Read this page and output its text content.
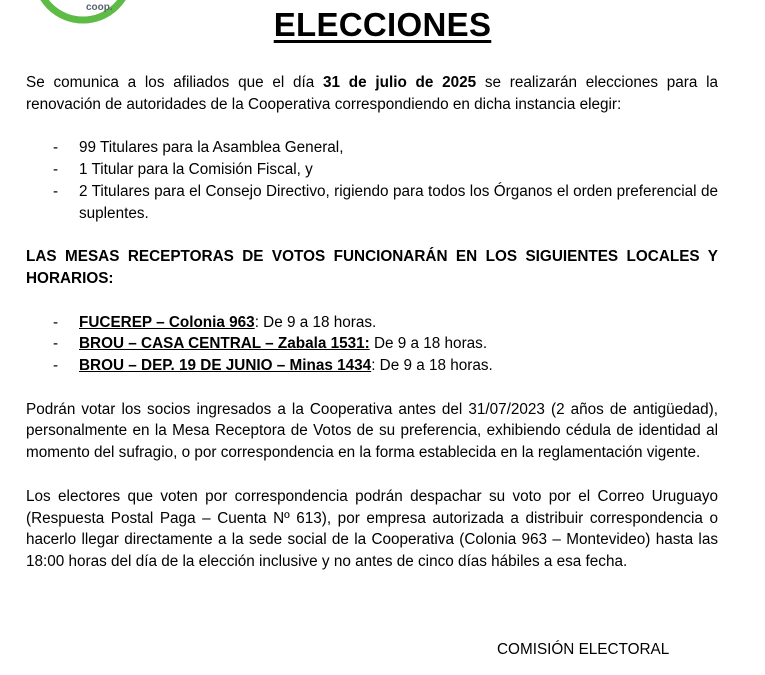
coop.	ELECCIONES

Se comunica a los afiliados que el día 31 de julio de 2025 se realizarán elecciones para la renovación de autoridades de la Cooperativa correspondiendo en dicha instancia elegir:

- 99 Titulares para la Asamblea General,
- 1 Titular para la Comisión Fiscal, y
- 2 Titulares para el Consejo Directivo, rigiendo para todos los Órganos el orden preferencial de suplentes.

LAS MESAS RECEPTORAS DE VOTOS FUNCIONARÁN EN LOS SIGUIENTES LOCALES Y HORARIOS:

- FUCEREP – Colonia 963: De 9 a 18 horas.
- BROU – CASA CENTRAL – Zabala 1531: De 9 a 18 horas.
- BROU – DEP. 19 DE JUNIO – Minas 1434: De 9 a 18 horas.

Podrán votar los socios ingresados a la Cooperativa antes del 31/07/2023 (2 años de antigüedad), personalmente en la Mesa Receptora de Votos de su preferencia, exhibiendo cédula de identidad al momento del sufragio, o por correspondencia en la forma establecida en la reglamentación vigente.

Los electores que voten por correspondencia podrán despachar su voto por el Correo Uruguayo (Respuesta Postal Paga – Cuenta Nº 613), por empresa autorizada a distribuir correspondencia o hacerlo llegar directamente a la sede social de la Cooperativa (Colonia 963 – Montevideo) hasta las 18:00 horas del día de la elección inclusive y no antes de cinco días hábiles a esa fecha.

COMISIÓN ELECTORAL
